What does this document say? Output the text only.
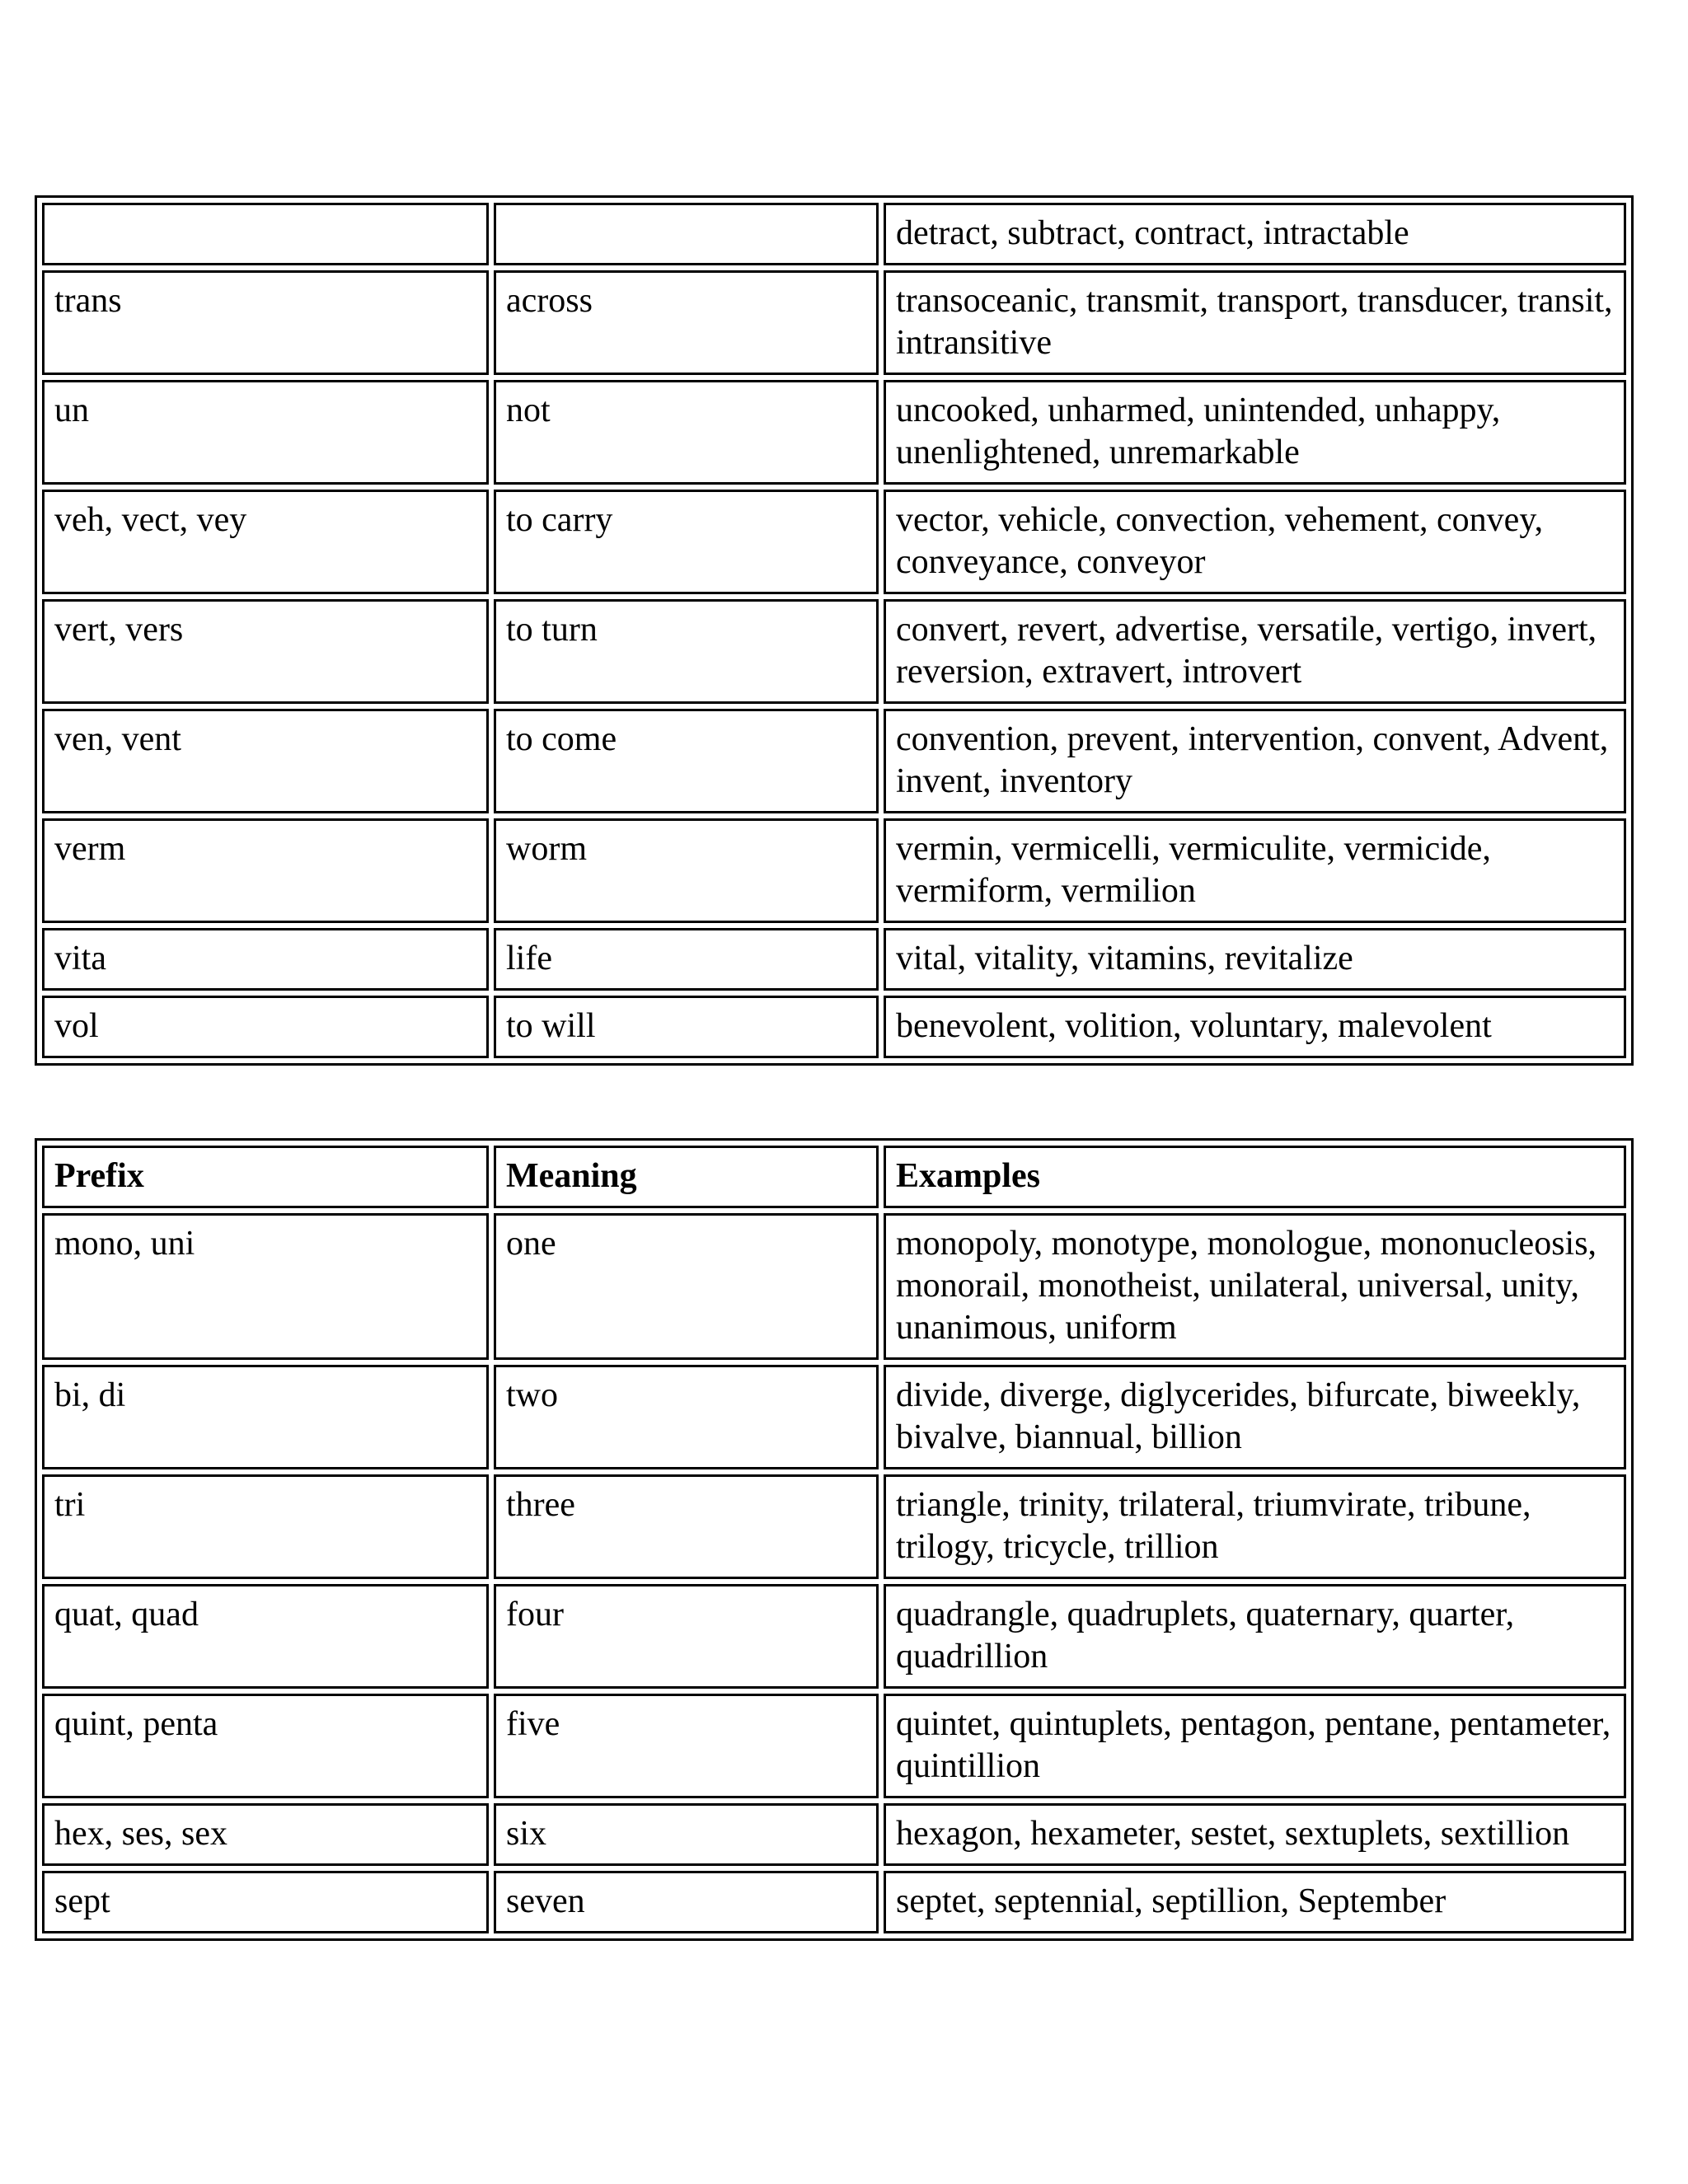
		detract, subtract, contract, intractable
trans	across	transoceanic, transmit, transport, transducer, transit, intransitive
un	not	uncooked, unharmed, unintended, unhappy, unenlightened, unremarkable
veh, vect, vey	to carry	vector, vehicle, convection, vehement, convey, conveyance, conveyor
vert, vers	to turn	convert, revert, advertise, versatile, vertigo, invert, reversion, extravert, introvert
ven, vent	to come	convention, prevent, intervention, convent, Advent, invent, inventory
verm	worm	vermin, vermicelli, vermiculite, vermicide, vermiform, vermilion
vita	life	vital, vitality, vitamins, revitalize
vol	to will	benevolent, volition, voluntary, malevolent
Prefix	Meaning	Examples
mono, uni	one	monopoly, monotype, monologue, mononucleosis, monorail, monotheist, unilateral, universal, unity, unanimous, uniform
bi, di	two	divide, diverge, diglycerides, bifurcate, biweekly, bivalve, biannual, billion
tri	three	triangle, trinity, trilateral, triumvirate, tribune, trilogy, tricycle, trillion
quat, quad	four	quadrangle, quadruplets, quaternary, quarter, quadrillion
quint, penta	five	quintet, quintuplets, pentagon, pentane, pentameter, quintillion
hex, ses, sex	six	hexagon, hexameter, sestet, sextuplets, sextillion
sept	seven	septet, septennial, septillion, September
